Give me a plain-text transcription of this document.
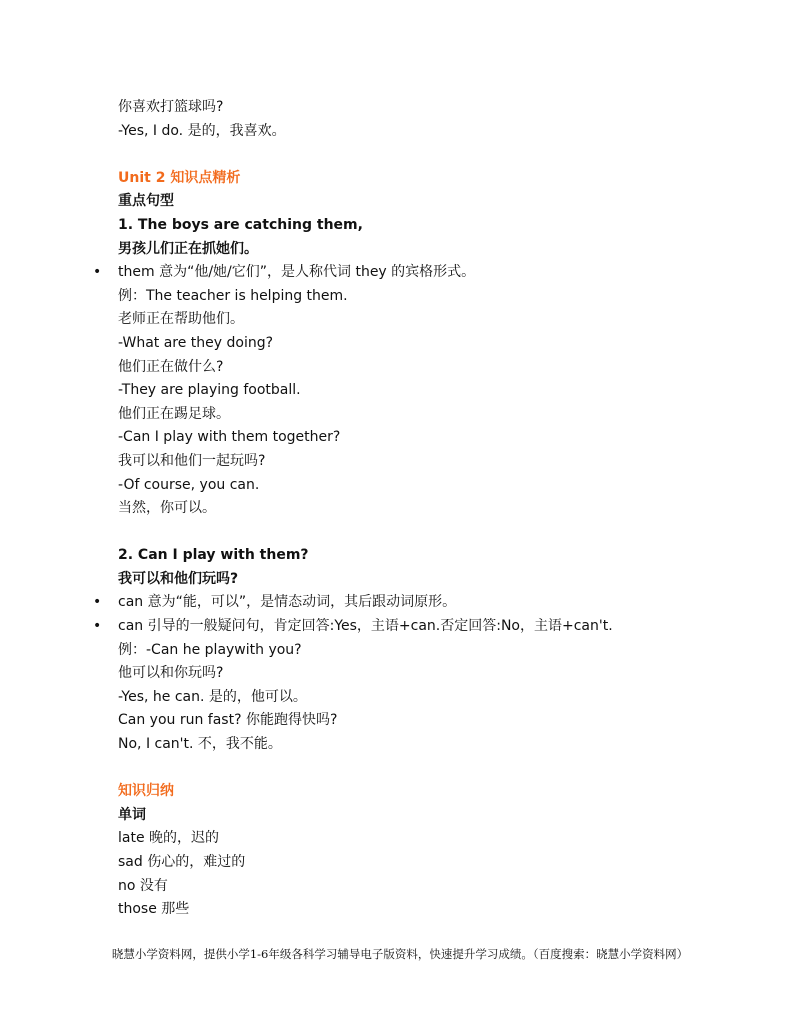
你喜欢打篮球吗?
-Yes, I do. 是的，我喜欢。
Unit 2 知识点精析
重点句型
1. The boys are catching them,
男孩儿们正在抓她们。
• them 意为“他/她/它们”，是人称代词 they 的宾格形式。
例：The teacher is helping them.
老师正在帮助他们。
-What are they doing?
他们正在做什么?
-They are playing football.
他们正在踢足球。
-Can I play with them together?
我可以和他们一起玩吗?
-Of course, you can.
当然，你可以。
2. Can I play with them?
我可以和他们玩吗?
• can 意为“能，可以”，是情态动词，其后跟动词原形。
• can 引导的一般疑问句，肯定回答:Yes，主语+can.否定回答:No，主语+can't.
例：-Can he playwith you?
他可以和你玩吗?
-Yes, he can. 是的，他可以。
Can you run fast? 你能跑得快吗?
No, I can't. 不，我不能。
知识归纳
单词
late 晚的，迟的
sad 伤心的，难过的
no 没有
those 那些
晓慧小学资料网，提供小学1-6年级各科学习辅导电子版资料，快速提升学习成绩。（百度搜索：晓慧小学资料网）
